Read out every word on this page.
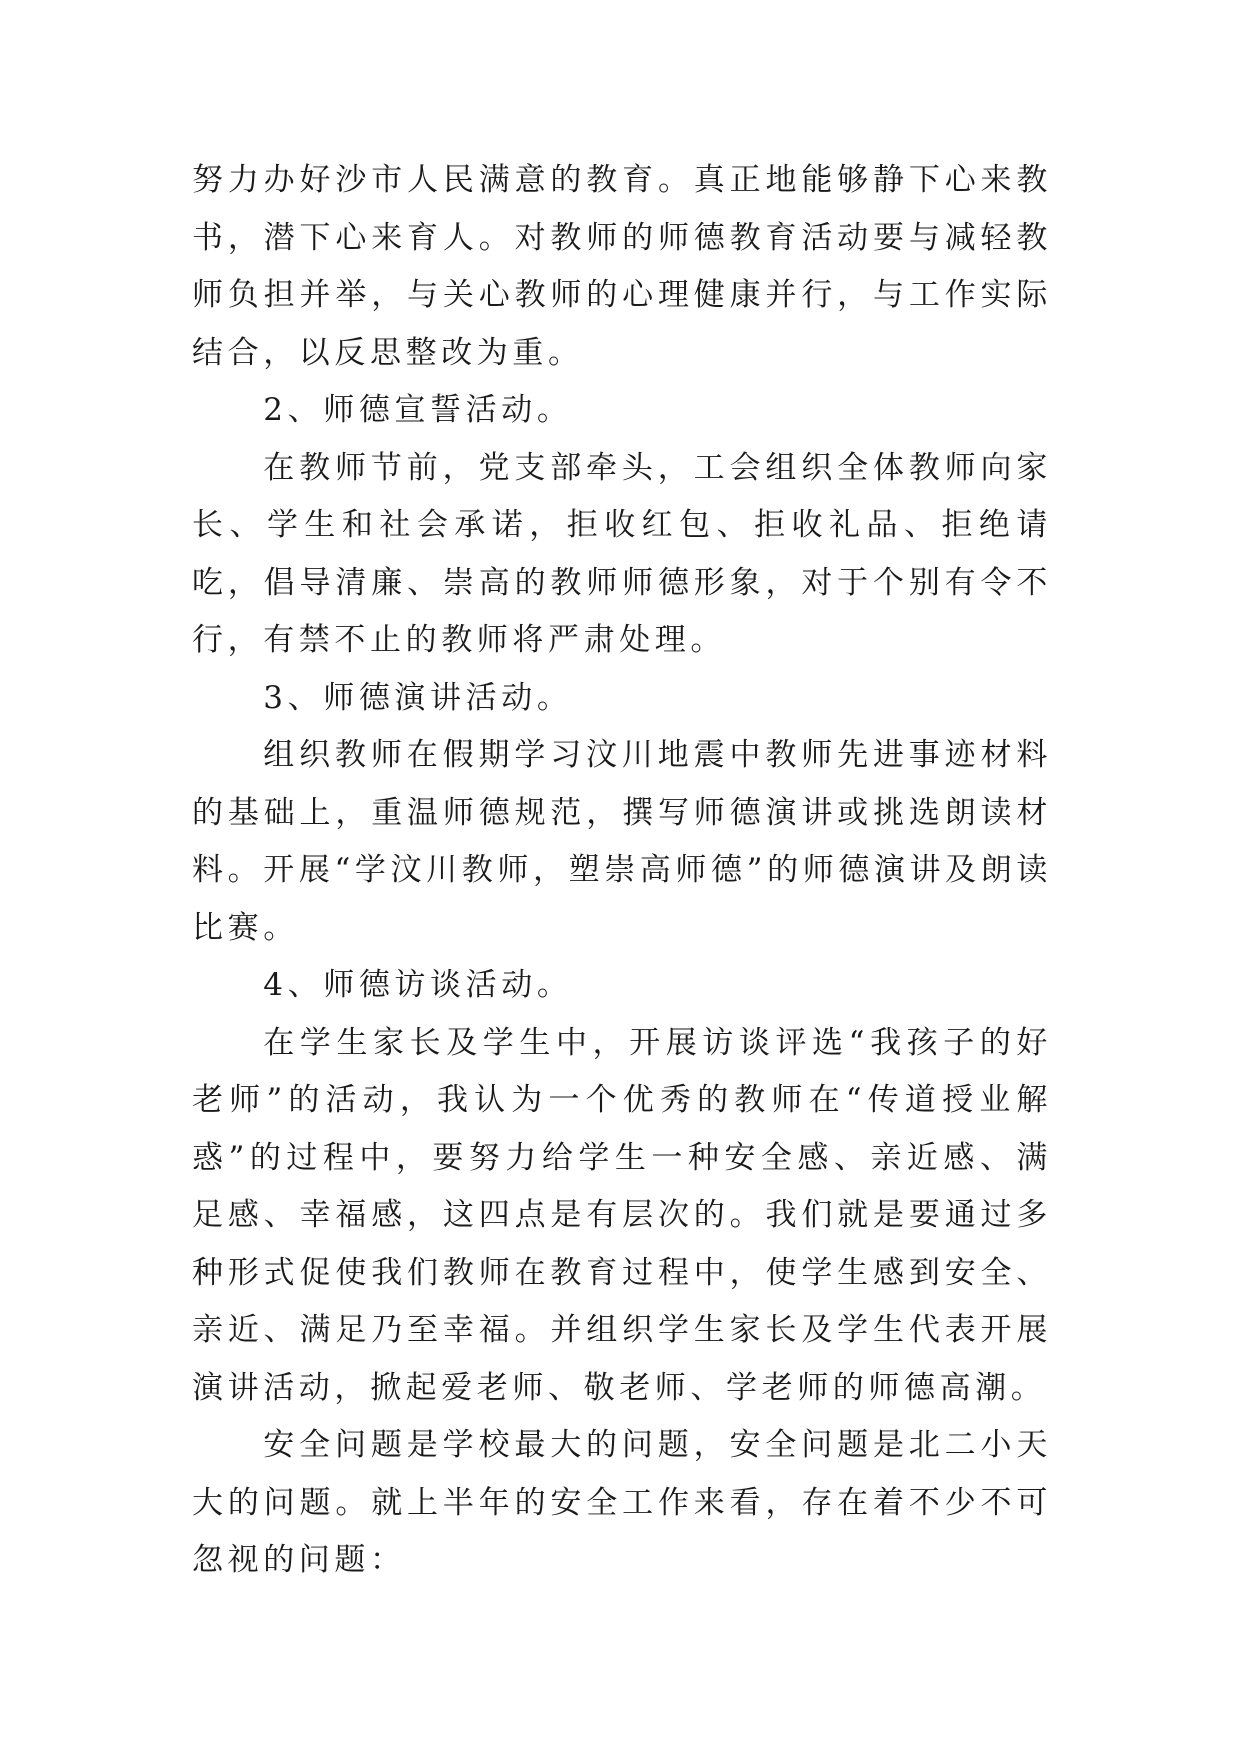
努力办好沙市人民满意的教育。真正地能够静下心来教书，潜下心来育人。对教师的师德教育活动要与减轻教师负担并举，与关心教师的心理健康并行，与工作实际结合，以反思整改为重。

2、师德宣誓活动。

在教师节前，党支部牵头，工会组织全体教师向家长、学生和社会承诺，拒收红包、拒收礼品、拒绝请吃，倡导清廉、崇高的教师师德形象，对于个别有令不行，有禁不止的教师将严肃处理。

3、师德演讲活动。

组织教师在假期学习汶川地震中教师先进事迹材料的基础上，重温师德规范，撰写师德演讲或挑选朗读材料。开展“学汶川教师，塑崇高师德”的师德演讲及朗读比赛。

4、师德访谈活动。

在学生家长及学生中，开展访谈评选“我孩子的好老师”的活动，我认为一个优秀的教师在“传道授业解惑”的过程中，要努力给学生一种安全感、亲近感、满足感、幸福感，这四点是有层次的。我们就是要通过多种形式促使我们教师在教育过程中，使学生感到安全、亲近、满足乃至幸福。并组织学生家长及学生代表开展演讲活动，掀起爱老师、敬老师、学老师的师德高潮。

安全问题是学校最大的问题，安全问题是北二小天大的问题。就上半年的安全工作来看，存在着不少不可忽视的问题：
